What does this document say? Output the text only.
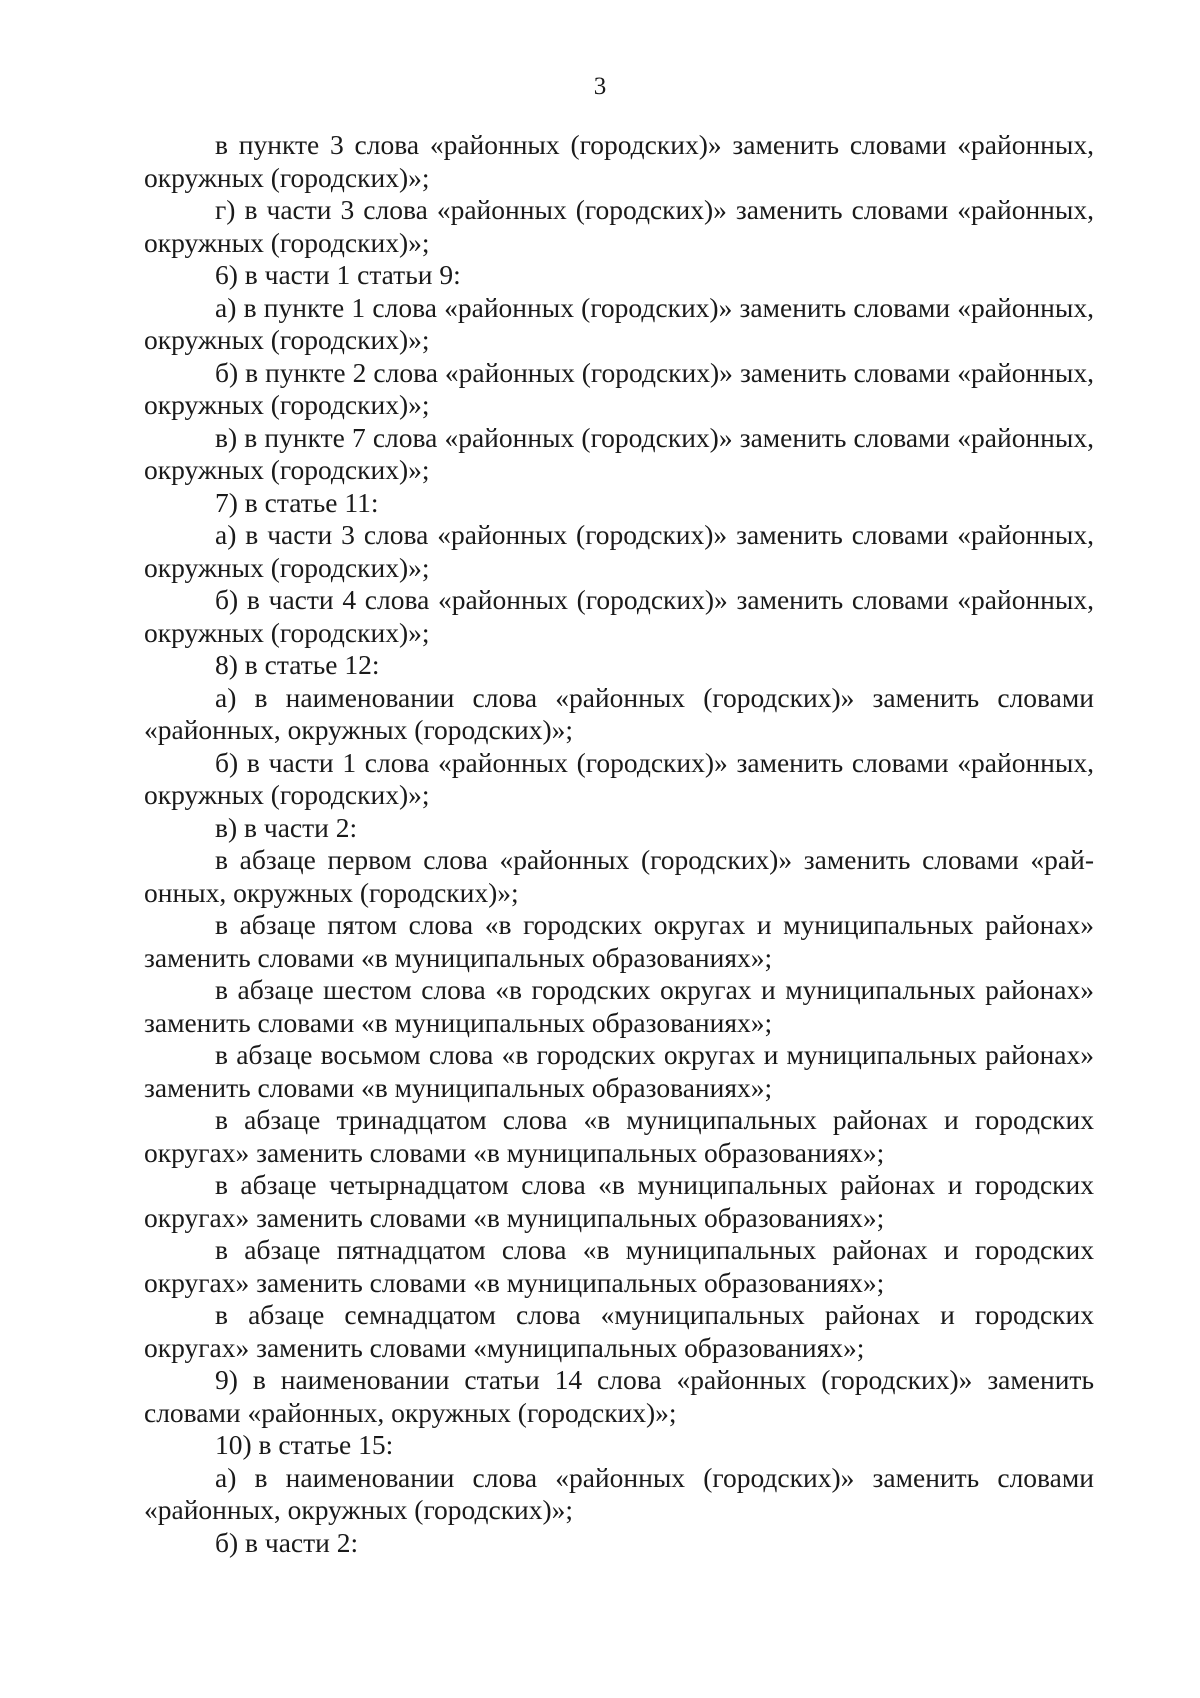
3

в пункте 3 слова «районных (городских)» заменить словами «районных, окружных (городских)»;

г) в части 3 слова «районных (городских)» заменить словами «районных, окружных (городских)»;

6) в части 1 статьи 9:

а) в пункте 1 слова «районных (городских)» заменить словами «районных, окружных (городских)»;

б) в пункте 2 слова «районных (городских)» заменить словами «районных, окружных (городских)»;

в) в пункте 7 слова «районных (городских)» заменить словами «районных, окружных (городских)»;

7) в статье 11:

а) в части 3 слова «районных (городских)» заменить словами «районных, окружных (городских)»;

б) в части 4 слова «районных (городских)» заменить словами «районных, окружных (городских)»;

8) в статье 12:

а) в наименовании слова «районных (городских)» заменить словами «районных, окружных (городских)»;

б) в части 1 слова «районных (городских)» заменить словами «районных, окружных (городских)»;

в) в части 2:

в абзаце первом слова «районных (городских)» заменить словами «районных, окружных (городских)»;

в абзаце пятом слова «в городских округах и муниципальных районах» заменить словами «в муниципальных образованиях»;

в абзаце шестом слова «в городских округах и муниципальных районах» заменить словами «в муниципальных образованиях»;

в абзаце восьмом слова «в городских округах и муниципальных районах» заменить словами «в муниципальных образованиях»;

в абзаце тринадцатом слова «в муниципальных районах и городских округах» заменить словами «в муниципальных образованиях»;

в абзаце четырнадцатом слова «в муниципальных районах и городских округах» заменить словами «в муниципальных образованиях»;

в абзаце пятнадцатом слова «в муниципальных районах и городских округах» заменить словами «в муниципальных образованиях»;

в абзаце семнадцатом слова «муниципальных районах и городских округах» заменить словами «муниципальных образованиях»;

9) в наименовании статьи 14 слова «районных (городских)» заменить словами «районных, окружных (городских)»;

10) в статье 15:

а) в наименовании слова «районных (городских)» заменить словами «районных, окружных (городских)»;

б) в части 2:
